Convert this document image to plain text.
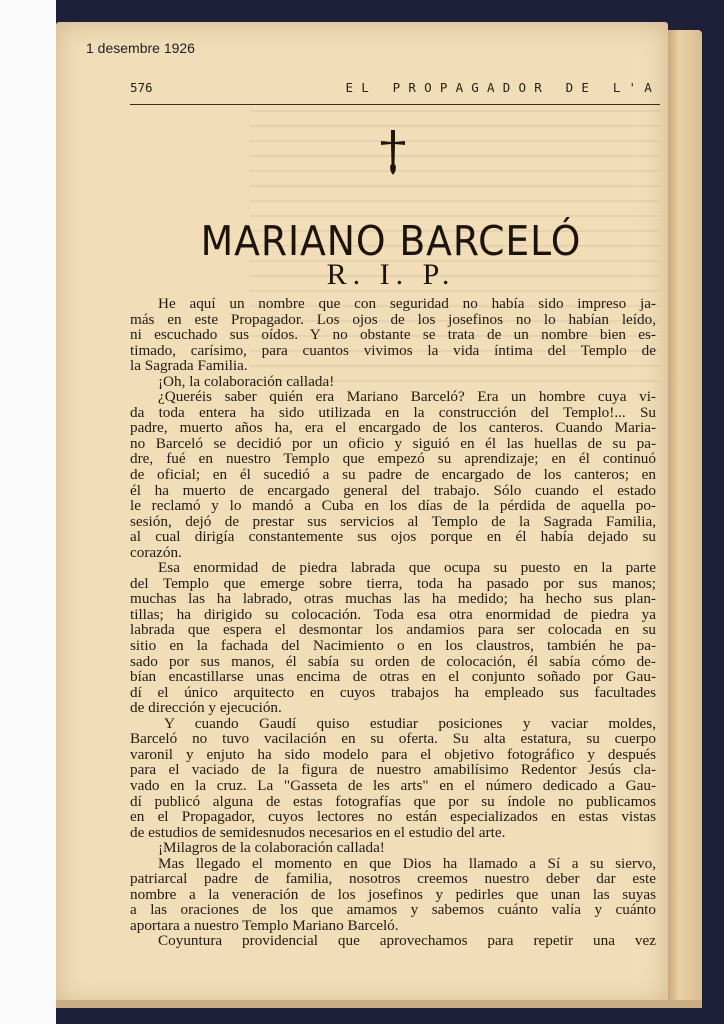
1 desembre 1926
576	EL PROPAGADOR DE L'A
MARIANO BARCELÓ
R. I. P.
He aquí un nombre que con seguridad no había sido impreso ja-
más en este Propagador. Los ojos de los josefinos no lo habían leído,
ni escuchado sus oídos. Y no obstante se trata de un nombre bien es-
timado, carísimo, para cuantos vivimos la vida íntima del Templo de
la Sagrada Familia.
¡Oh, la colaboración callada!
¿Queréis saber quién era Mariano Barceló? Era un hombre cuya vi-
da toda entera ha sido utilizada en la construcción del Templo!... Su
padre, muerto años ha, era el encargado de los canteros. Cuando Maria-
no Barceló se decidió por un oficio y siguió en él las huellas de su pa-
dre, fué en nuestro Templo que empezó su aprendizaje; en él continuó
de oficial; en él sucedió a su padre de encargado de los canteros; en
él ha muerto de encargado general del trabajo. Sólo cuando el estado
le reclamó y lo mandó a Cuba en los días de la pérdida de aquella po-
sesión, dejó de prestar sus servicios al Templo de la Sagrada Familia,
al cual dirigía constantemente sus ojos porque en él había dejado su
corazón.
Esa enormidad de piedra labrada que ocupa su puesto en la parte
del Templo que emerge sobre tierra, toda ha pasado por sus manos;
muchas las ha labrado, otras muchas las ha medido; ha hecho sus plan-
tillas; ha dirigido su colocación. Toda esa otra enormidad de piedra ya
labrada que espera el desmontar los andamios para ser colocada en su
sitio en la fachada del Nacimiento o en los claustros, también he pa-
sado por sus manos, él sabía su orden de colocación, él sabía cómo de-
bían encastillarse unas encima de otras en el conjunto soñado por Gau-
dí el único arquitecto en cuyos trabajos ha empleado sus facultades
de dirección y ejecución.
Y cuando Gaudí quiso estudiar posiciones y vaciar moldes,
Barceló no tuvo vacilación en su oferta. Su alta estatura, su cuerpo
varonil y enjuto ha sido modelo para el objetivo fotográfico y después
para el vaciado de la figura de nuestro amabilísimo Redentor Jesús cla-
vado en la cruz. La "Gasseta de les arts" en el número dedicado a Gau-
dí publicó alguna de estas fotografías que por su índole no publicamos
en el Propagador, cuyos lectores no están especializados en estas vistas
de estudios de semidesnudos necesarios en el estudio del arte.
¡Milagros de la colaboración callada!
Mas llegado el momento en que Dios ha llamado a Sí a su siervo,
patriarcal padre de familia, nosotros creemos nuestro deber dar este
nombre a la veneración de los josefinos y pedirles que unan las suyas
a las oraciones de los que amamos y sabemos cuánto valía y cuánto
aportara a nuestro Templo Mariano Barceló.
Coyuntura providencial que aprovechamos para repetir una vez
